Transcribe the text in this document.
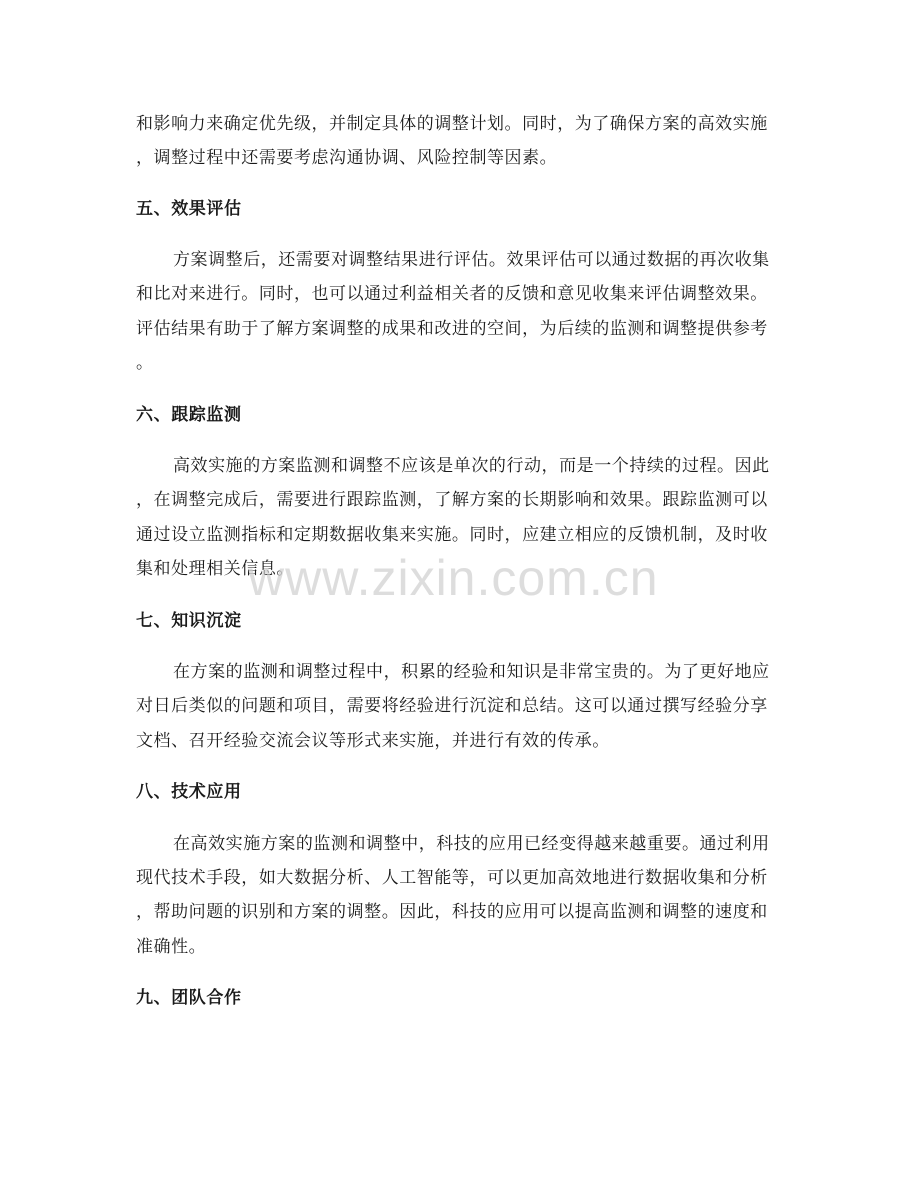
和影响力来确定优先级，并制定具体的调整计划。同时，为了确保方案的高效实施
，调整过程中还需要考虑沟通协调、风险控制等因素。
五、效果评估
方案调整后，还需要对调整结果进行评估。效果评估可以通过数据的再次收集
和比对来进行。同时，也可以通过利益相关者的反馈和意见收集来评估调整效果。
评估结果有助于了解方案调整的成果和改进的空间，为后续的监测和调整提供参考
。
六、跟踪监测
高效实施的方案监测和调整不应该是单次的行动，而是一个持续的过程。因此
，在调整完成后，需要进行跟踪监测，了解方案的长期影响和效果。跟踪监测可以
通过设立监测指标和定期数据收集来实施。同时，应建立相应的反馈机制，及时收
集和处理相关信息。
七、知识沉淀
在方案的监测和调整过程中，积累的经验和知识是非常宝贵的。为了更好地应
对日后类似的问题和项目，需要将经验进行沉淀和总结。这可以通过撰写经验分享
文档、召开经验交流会议等形式来实施，并进行有效的传承。
八、技术应用
在高效实施方案的监测和调整中，科技的应用已经变得越来越重要。通过利用
现代技术手段，如大数据分析、人工智能等，可以更加高效地进行数据收集和分析
，帮助问题的识别和方案的调整。因此，科技的应用可以提高监测和调整的速度和
准确性。
九、团队合作
www.zixin.com.cn
